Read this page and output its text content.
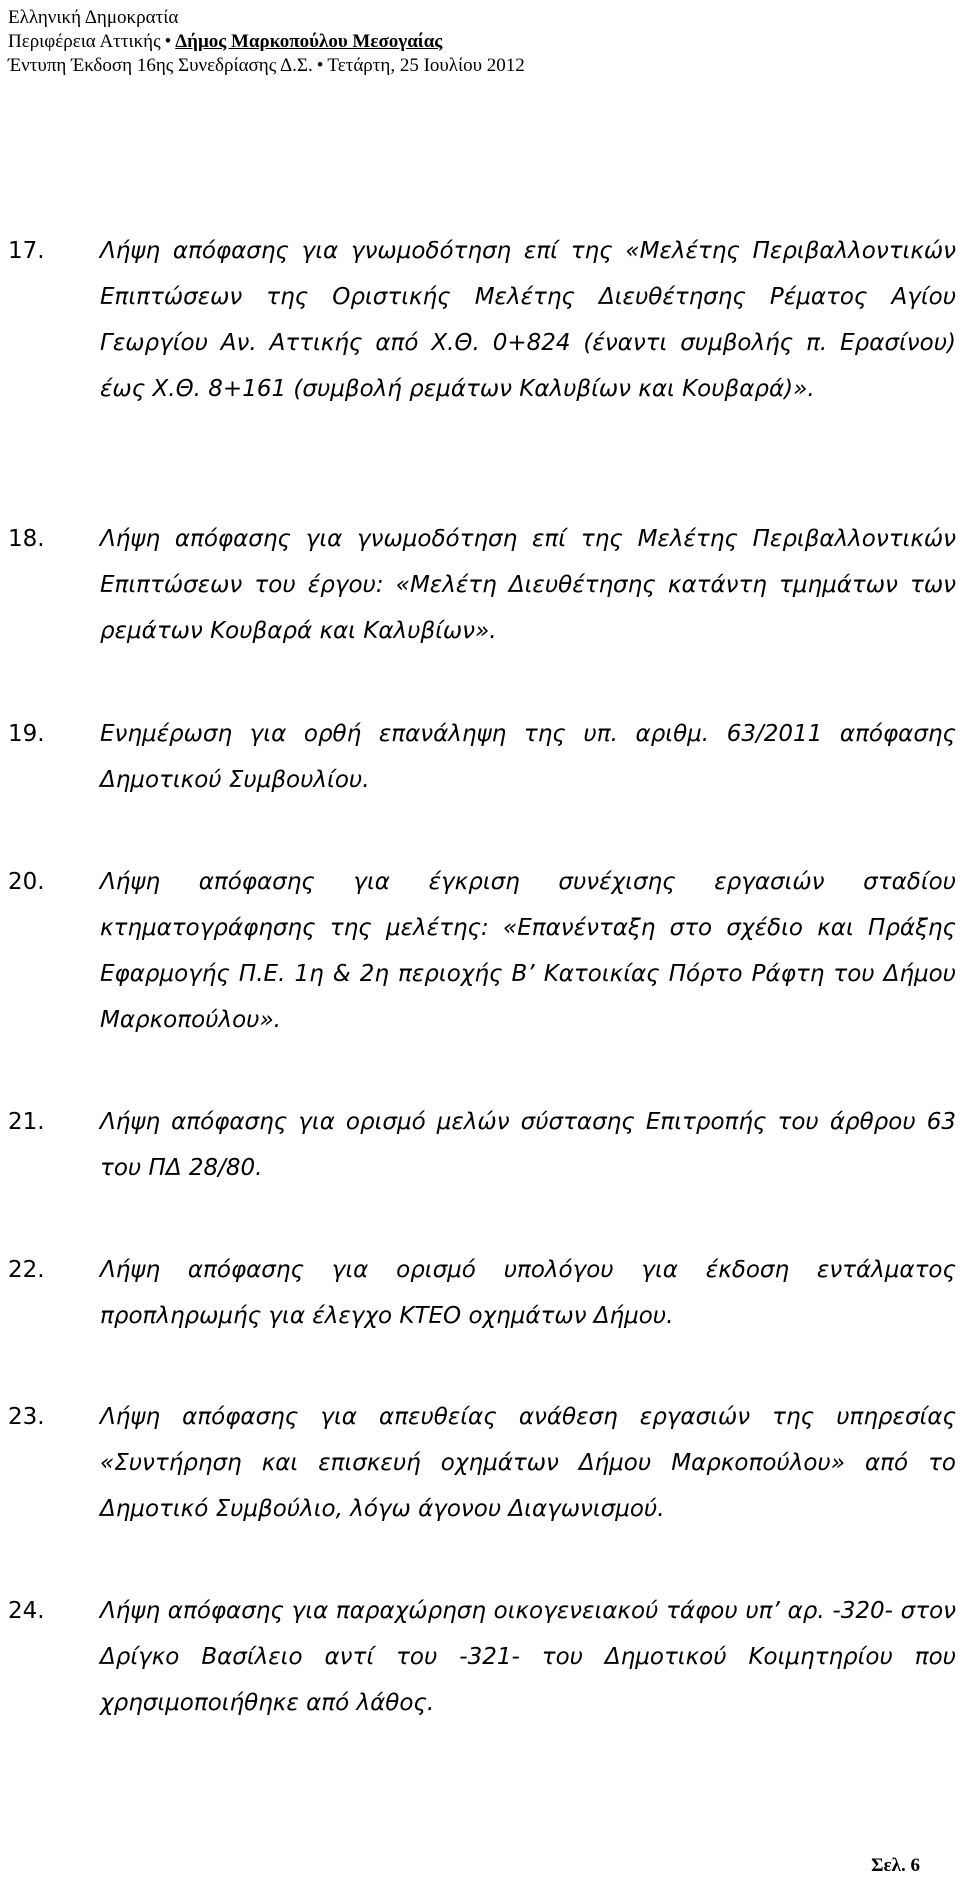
Ελληνική Δημοκρατία
Περιφέρεια Αττικής • Δήμος Μαρκοπούλου Μεσογαίας
Έντυπη Έκδοση 16ης Συνεδρίασης Δ.Σ. • Τετάρτη, 25 Ιουλίου 2012
17. Λήψη απόφασης για γνωμοδότηση επί της «Μελέτης Περιβαλλοντικών Επιπτώσεων της Οριστικής Μελέτης Διευθέτησης Ρέματος Αγίου Γεωργίου Αν. Αττικής από Χ.Θ. 0+824 (έναντι συμβολής π. Ερασίνου) έως Χ.Θ. 8+161 (συμβολή ρεμάτων Καλυβίων και Κουβαρά)».
18. Λήψη απόφασης για γνωμοδότηση επί της Μελέτης Περιβαλλοντικών Επιπτώσεων του έργου: «Μελέτη Διευθέτησης κατάντη τμημάτων των ρεμάτων Κουβαρά και Καλυβίων».
19. Ενημέρωση για ορθή επανάληψη της υπ. αριθμ. 63/2011 απόφασης Δημοτικού Συμβουλίου.
20. Λήψη απόφασης για έγκριση συνέχισης εργασιών σταδίου κτηματογράφησης της μελέτης: «Επανένταξη στο σχέδιο και Πράξης Εφαρμογής Π.Ε. 1η & 2η περιοχής Β’ Κατοικίας Πόρτο Ράφτη του Δήμου Μαρκοπούλου».
21. Λήψη απόφασης για ορισμό μελών σύστασης Επιτροπής του άρθρου 63 του ΠΔ 28/80.
22. Λήψη απόφασης για ορισμό υπολόγου για έκδοση εντάλματος προπληρωμής για έλεγχο ΚΤΕΟ οχημάτων Δήμου.
23. Λήψη απόφασης για απευθείας ανάθεση εργασιών της υπηρεσίας «Συντήρηση και επισκευή οχημάτων Δήμου Μαρκοπούλου» από το Δημοτικό Συμβούλιο, λόγω άγονου Διαγωνισμού.
24. Λήψη απόφασης για παραχώρηση οικογενειακού τάφου υπ’ αρ. -320- στον Δρίγκο Βασίλειο αντί του -321- του Δημοτικού Κοιμητηρίου που χρησιμοποιήθηκε από λάθος.
Σελ. 6
